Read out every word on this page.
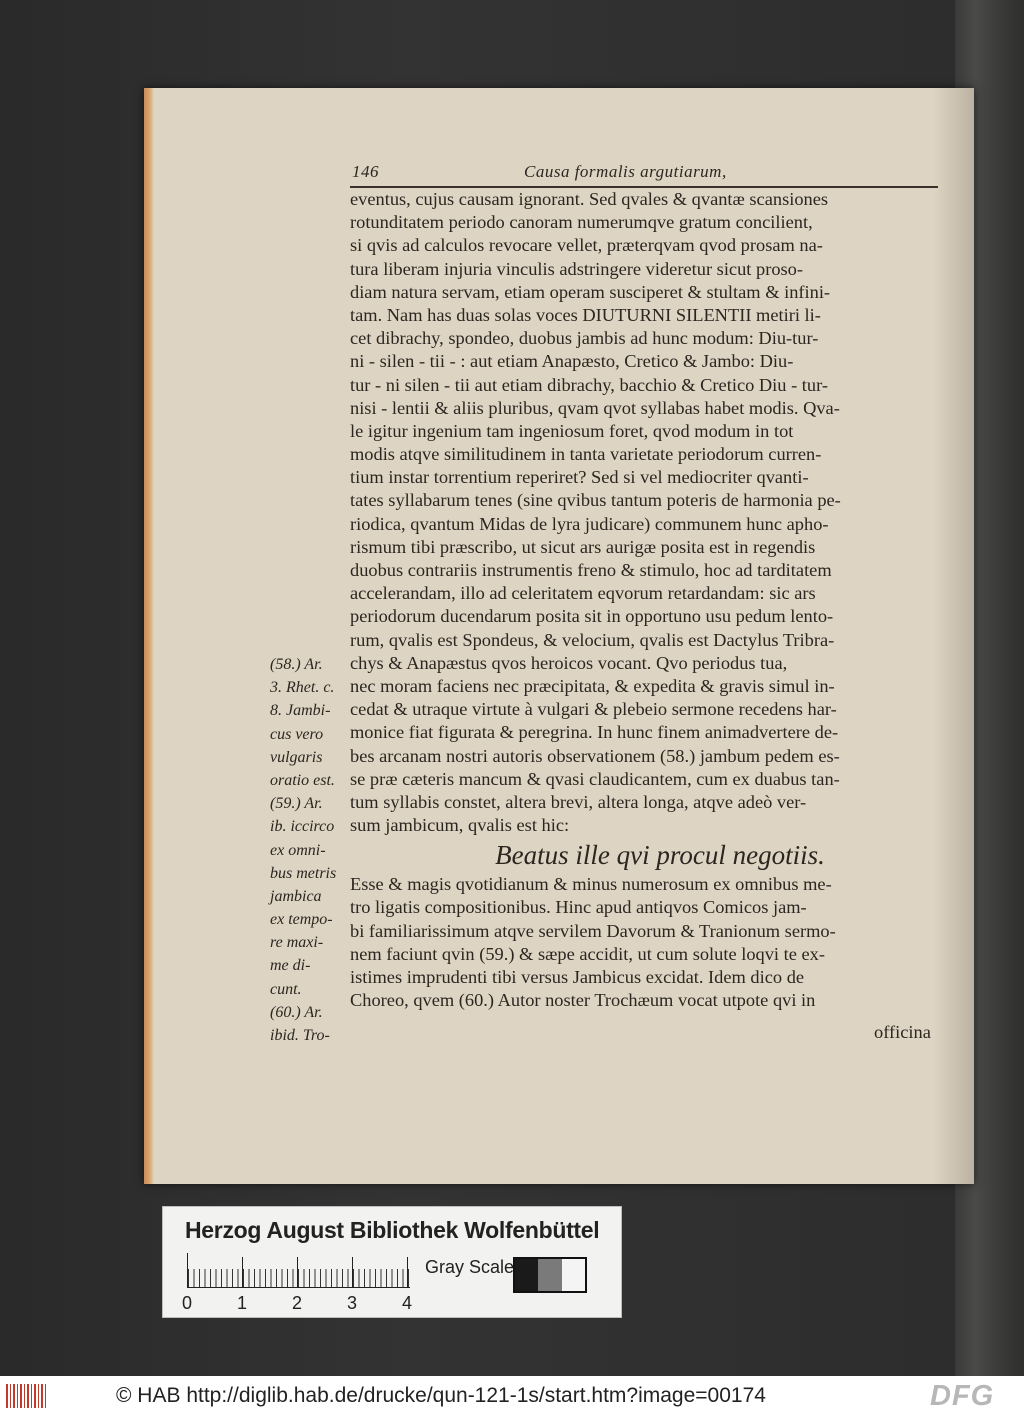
146	Causa formalis argutiarum,
(58.) Ar.
3. Rhet. c.
8. Jambi-
cus vero
vulgaris
oratio est.
(59.) Ar.
ib. iccirco
ex omni-
bus metris
jambica
ex tempo-
re maxi-
me di-
cunt.
(60.) Ar.
ibid. Tro-
eventus, cujus causam ignorant. Sed qvales & qvantæ scansiones
rotunditatem periodo canoram numerumqve gratum concilient,
si qvis ad calculos revocare vellet, præterqvam qvod prosam na-
tura liberam injuria vinculis adstringere videretur sicut proso-
diam natura servam, etiam operam susciperet & stultam & infini-
tam. Nam has duas solas voces DIUTURNI SILENTII metiri li-
cet dibrachy, spondeo, duobus jambis ad hunc modum: Diu-tur-
ni - silen - tii - : aut etiam Anapæsto, Cretico & Jambo: Diu-
tur - ni silen - tii aut etiam dibrachy, bacchio & Cretico Diu - tur-
nisi - lentii & aliis pluribus, qvam qvot syllabas habet modis. Qva-
le igitur ingenium tam ingeniosum foret, qvod modum in tot
modis atqve similitudinem in tanta varietate periodorum curren-
tium instar torrentium reperiret? Sed si vel mediocriter qvanti-
tates syllabarum tenes (sine qvibus tantum poteris de harmonia pe-
riodica, qvantum Midas de lyra judicare) communem hunc apho-
rismum tibi præscribo, ut sicut ars aurigæ posita est in regendis
duobus contrariis instrumentis freno & stimulo, hoc ad tarditatem
accelerandam, illo ad celeritatem eqvorum retardandam: sic ars
periodorum ducendarum posita sit in opportuno usu pedum lento-
rum, qvalis est Spondeus, & velocium, qvalis est Dactylus Tribra-
chys & Anapæstus qvos heroicos vocant. Qvo periodus tua,
nec moram faciens nec præcipitata, & expedita & gravis simul in-
cedat & utraque virtute à vulgari & plebeio sermone recedens har-
monice fiat figurata & peregrina. In hunc finem animadvertere de-
bes arcanam nostri autoris observationem (58.) jambum pedem es-
se præ cæteris mancum & qvasi claudicantem, cum ex duabus tan-
tum syllabis constet, altera brevi, altera longa, atqve adeò ver-
sum jambicum, qvalis est hic:
Beatus ille qvi procul negotiis.
Esse & magis qvotidianum & minus numerosum ex omnibus me-
tro ligatis compositionibus. Hinc apud antiqvos Comicos jam-
bi familiarissimum atqve servilem Davorum & Tranionum sermo-
nem faciunt qvin (59.) & sæpe accidit, ut cum solute loqvi te ex-
istimes imprudenti tibi versus Jambicus excidat. Idem dico de
Choreo, qvem (60.) Autor noster Trochæum vocat utpote qvi in
officina
Herzog August Bibliothek Wolfenbüttel
0 1 2 3 4
Gray Scale
© HAB http://diglib.hab.de/drucke/qun-121-1s/start.htm?image=00174	DFG
